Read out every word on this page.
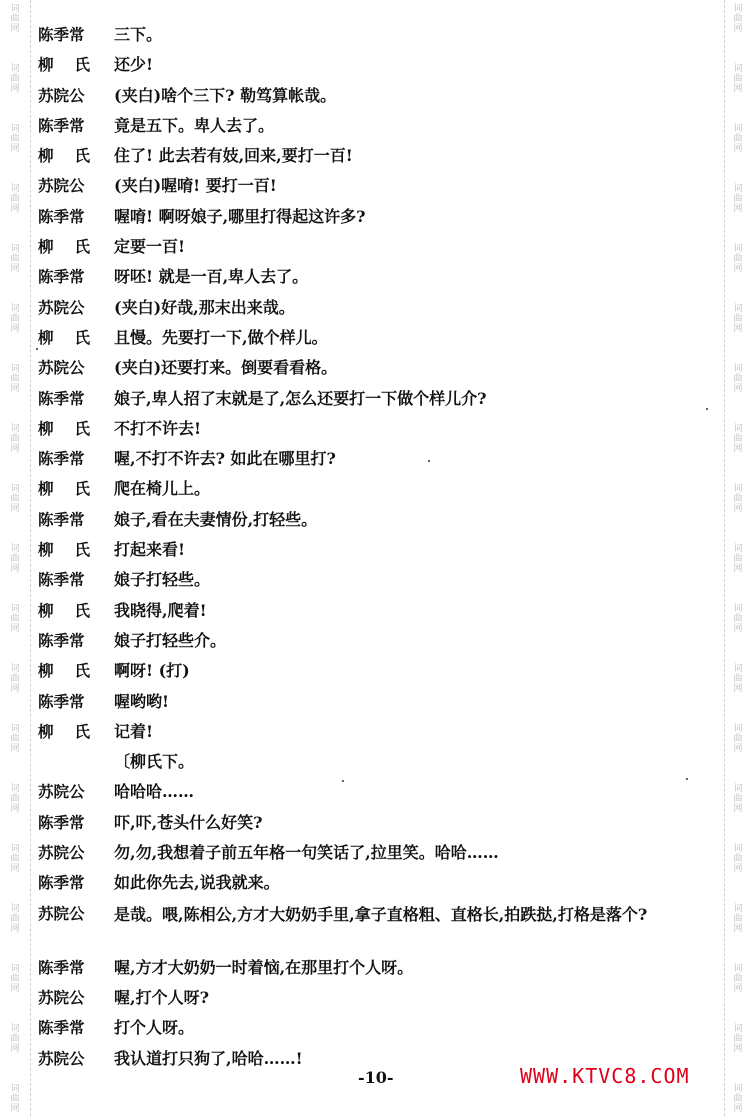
词曲网
词曲网
词曲网
词曲网
词曲网
词曲网
词曲网
词曲网
词曲网
词曲网
词曲网
词曲网
词曲网
词曲网
词曲网
词曲网
词曲网
词曲网
词曲网
词曲网
词曲网
词曲网
词曲网
词曲网
词曲网
词曲网
词曲网
词曲网
词曲网
词曲网
词曲网
词曲网
词曲网
词曲网
词曲网
词曲网
词曲网
词曲网
陈季常	三下。
柳氏 还少!
苏院公	(夹白)啥个三下? 勒笃算帐哉。
陈季常	竟是五下。卑人去了。
柳氏 住了! 此去若有妓,回来,要打一百!
苏院公	(夹白)喔唷! 要打一百!
陈季常	喔唷! 啊呀娘子,哪里打得起这许多?
柳氏 定要一百!
陈季常	呀呸! 就是一百,卑人去了。
苏院公	(夹白)好哉,那末出来哉。
柳氏 且慢。先要打一下,做个样儿。
苏院公	(夹白)还要打来。倒要看看格。
陈季常	娘子,卑人招了末就是了,怎么还要打一下做个样儿介?
柳氏 不打不许去!
陈季常	喔,不打不许去? 如此在哪里打?
柳氏 爬在椅儿上。
陈季常	娘子,看在夫妻情份,打轻些。
柳氏 打起来看!
陈季常	娘子打轻些。
柳氏 我晓得,爬着!
陈季常	娘子打轻些介。
柳氏 啊呀! (打)
陈季常	喔哟哟!
柳氏 记着!
〔柳氏下。
苏院公	哈哈哈……
陈季常	吓,吓,苍头什么好笑?
苏院公	勿,勿,我想着子前五年格一句笑话了,拉里笑。哈哈……
陈季常	如此你先去,说我就来。
苏院公	是哉。喂,陈相公,方才大奶奶手里,拿子直格粗、直格长,拍跌挞,打格是落个?
陈季常	喔,方才大奶奶一时着恼,在那里打个人呀。
苏院公	喔,打个人呀?
陈季常	打个人呀。
苏院公	我认道打只狗了,哈哈……!
-10-	WWW.KTVC8.COM
